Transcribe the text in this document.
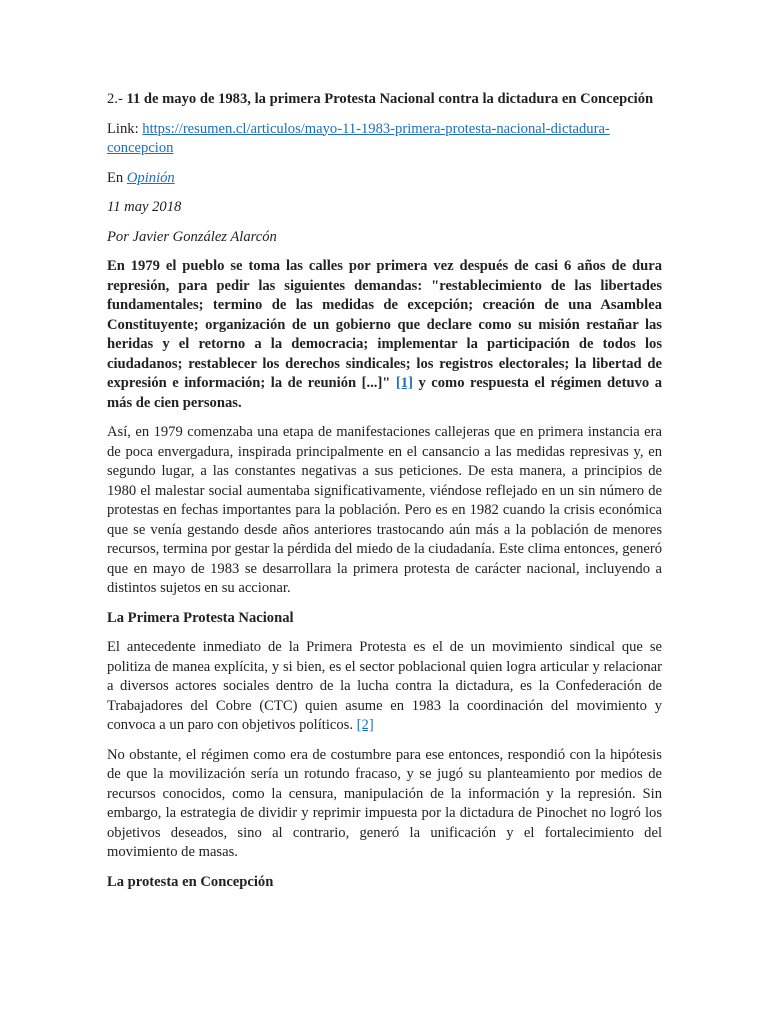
2.- 11 de mayo de 1983, la primera Protesta Nacional contra la dictadura en Concepción

Link: https://resumen.cl/articulos/mayo-11-1983-primera-protesta-nacional-dictadura-concepcion

En Opinión

11 may 2018

Por Javier González Alarcón

En 1979 el pueblo se toma las calles por primera vez después de casi 6 años de dura represión, para pedir las siguientes demandas: "restablecimiento de las libertades fundamentales; termino de las medidas de excepción; creación de una Asamblea Constituyente; organización de un gobierno que declare como su misión restañar las heridas y el retorno a la democracia; implementar la participación de todos los ciudadanos; restablecer los derechos sindicales; los registros electorales; la libertad de expresión e información; la de reunión [...]" [1] y como respuesta el régimen detuvo a más de cien personas.

Así, en 1979 comenzaba una etapa de manifestaciones callejeras que en primera instancia era de poca envergadura, inspirada principalmente en el cansancio a las medidas represivas y, en segundo lugar, a las constantes negativas a sus peticiones. De esta manera, a principios de 1980 el malestar social aumentaba significativamente, viéndose reflejado en un sin número de protestas en fechas importantes para la población. Pero es en 1982 cuando la crisis económica que se venía gestando desde años anteriores trastocando aún más a la población de menores recursos, termina por gestar la pérdida del miedo de la ciudadanía. Este clima entonces, generó que en mayo de 1983 se desarrollara la primera protesta de carácter nacional, incluyendo a distintos sujetos en su accionar.

La Primera Protesta Nacional

El antecedente inmediato de la Primera Protesta es el de un movimiento sindical que se politiza de manea explícita, y si bien, es el sector poblacional quien logra articular y relacionar a diversos actores sociales dentro de la lucha contra la dictadura, es la Confederación de Trabajadores del Cobre (CTC) quien asume en 1983 la coordinación del movimiento y convoca a un paro con objetivos políticos. [2]

No obstante, el régimen como era de costumbre para ese entonces, respondió con la hipótesis de que la movilización sería un rotundo fracaso, y se jugó su planteamiento por medios de recursos conocidos, como la censura, manipulación de la información y la represión. Sin embargo, la estrategia de dividir y reprimir impuesta por la dictadura de Pinochet no logró los objetivos deseados, sino al contrario, generó la unificación y el fortalecimiento del movimiento de masas.

La protesta en Concepción
